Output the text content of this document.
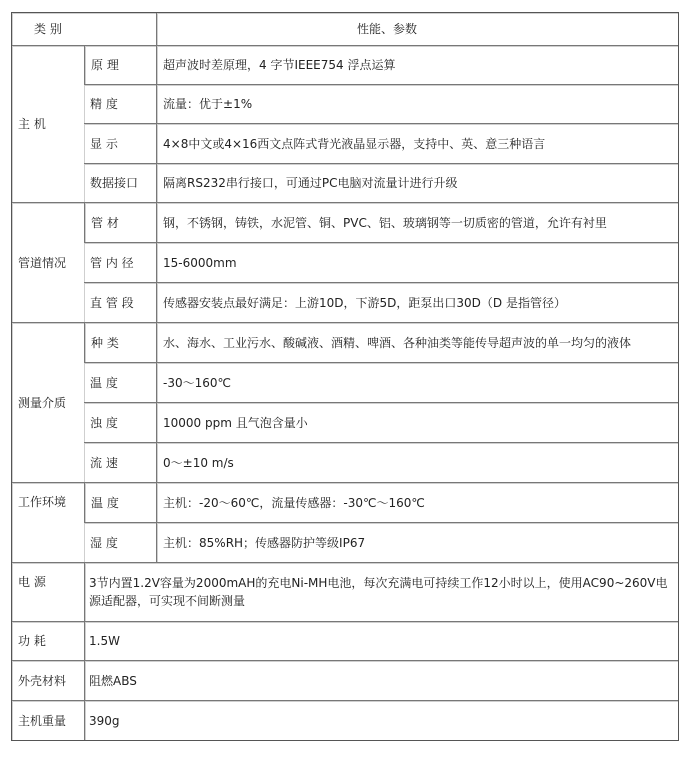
类 别		性能、参数
主 机	原 理	超声波时差原理，4 字节IEEE754 浮点运算
	精 度	流量：优于±1%
	显 示	4×8中文或4×16西文点阵式背光液晶显示器，支持中、英、意三种语言
	数据接口	隔离RS232串行接口，可通过PC电脑对流量计进行升级
管道情况	管 材	钢，不锈钢，铸铁，水泥管、铜、PVC、铝、玻璃钢等一切质密的管道，允许有衬里
	管 内 径	15-6000mm
	直 管 段	传感器安装点最好满足：上游10D，下游5D，距泵出口30D（D 是指管径）
测量介质	种 类	水、海水、工业污水、酸碱液、酒精、啤酒、各种油类等能传导超声波的单一均匀的液体
	温 度	-30～160℃
	浊 度	10000 ppm 且气泡含量小
	流 速	0～±10 m/s
工作环境	温 度	主机：-20～60℃，流量传感器：-30℃～160℃
	湿 度	主机：85%RH；传感器防护等级IP67
电 源	3节内置1.2V容量为2000mAH的充电Ni-MH电池，每次充满电可持续工作12小时以上，使用AC90~260V电源适配器，可实现不间断测量	
功 耗	1.5W	
外壳材料	阻燃ABS	
主机重量	390g	
